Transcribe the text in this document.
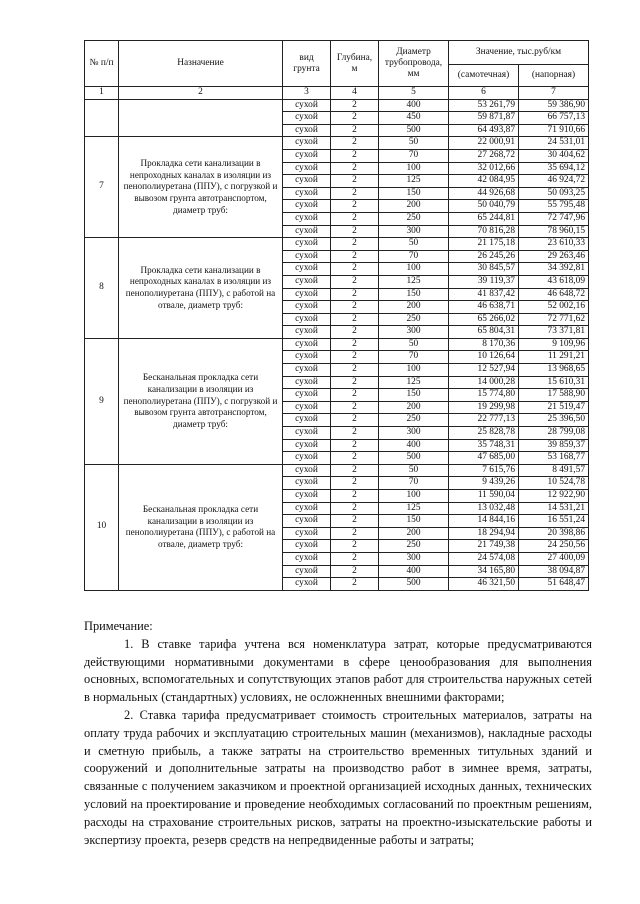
№ п/п	Назначение	вид грунта	Глубина, м	Диаметр трубопровода, мм	Значение, тыс.руб/км	
					(самотечная)	(напорная)
1	2	3	4	5	6	7
		сухой	2	400	53 261,79	59 386,90
		сухой	2	450	59 871,87	66 757,13
		сухой	2	500	64 493,87	71 910,66
7	Прокладка сети канализации в непроходных каналах в изоляции из пенополиуретана (ППУ), с погрузкой и вывозом грунта автотранспортом, диаметр труб:	сухой	2	50	22 000,91	24 531,01
		сухой	2	70	27 268,72	30 404,62
		сухой	2	100	32 012,66	35 694,12
		сухой	2	125	42 084,95	46 924,72
		сухой	2	150	44 926,68	50 093,25
		сухой	2	200	50 040,79	55 795,48
		сухой	2	250	65 244,81	72 747,96
		сухой	2	300	70 816,28	78 960,15
8	Прокладка сети канализации в непроходных каналах в изоляции из пенополиуретана (ППУ), с работой на отвале, диаметр труб:	сухой	2	50	21 175,18	23 610,33
		сухой	2	70	26 245,26	29 263,46
		сухой	2	100	30 845,57	34 392,81
		сухой	2	125	39 119,37	43 618,09
		сухой	2	150	41 837,42	46 648,72
		сухой	2	200	46 638,71	52 002,16
		сухой	2	250	65 266,02	72 771,62
		сухой	2	300	65 804,31	73 371,81
9	Бесканальная прокладка сети канализации в изоляции из пенополиуретана (ППУ), с погрузкой и вывозом грунта автотранспортом, диаметр труб:	сухой	2	50	8 170,36	9 109,96
		сухой	2	70	10 126,64	11 291,21
		сухой	2	100	12 527,94	13 968,65
		сухой	2	125	14 000,28	15 610,31
		сухой	2	150	15 774,80	17 588,90
		сухой	2	200	19 299,98	21 519,47
		сухой	2	250	22 777,13	25 396,50
		сухой	2	300	25 828,78	28 799,08
		сухой	2	400	35 748,31	39 859,37
		сухой	2	500	47 685,00	53 168,77
10	Бесканальная прокладка сети канализации в изоляции из пенополиуретана (ППУ), с работой на отвале, диаметр труб:	сухой	2	50	7 615,76	8 491,57
		сухой	2	70	9 439,26	10 524,78
		сухой	2	100	11 590,04	12 922,90
		сухой	2	125	13 032,48	14 531,21
		сухой	2	150	14 844,16	16 551,24
		сухой	2	200	18 294,94	20 398,86
		сухой	2	250	21 749,38	24 250,56
		сухой	2	300	24 574,08	27 400,09
		сухой	2	400	34 165,80	38 094,87
		сухой	2	500	46 321,50	51 648,47

Примечание:

1. В ставке тарифа учтена вся номенклатура затрат, которые предусматриваются действующими нормативными документами в сфере ценообразования для выполнения основных, вспомогательных и сопутствующих этапов работ для строительства наружных сетей в нормальных (стандартных) условиях, не осложненных внешними факторами;

2. Ставка тарифа предусматривает стоимость строительных материалов, затраты на оплату труда рабочих и эксплуатацию строительных машин (механизмов), накладные расходы и сметную прибыль, а также затраты на строительство временных титульных зданий и сооружений и дополнительные затраты на производство работ в зимнее время, затраты, связанные с получением заказчиком и проектной организацией исходных данных, технических условий на проектирование и проведение необходимых согласований по проектным решениям, расходы на страхование строительных рисков, затраты на проектно-изыскательские работы и экспертизу проекта, резерв средств на непредвиденные работы и затраты;
